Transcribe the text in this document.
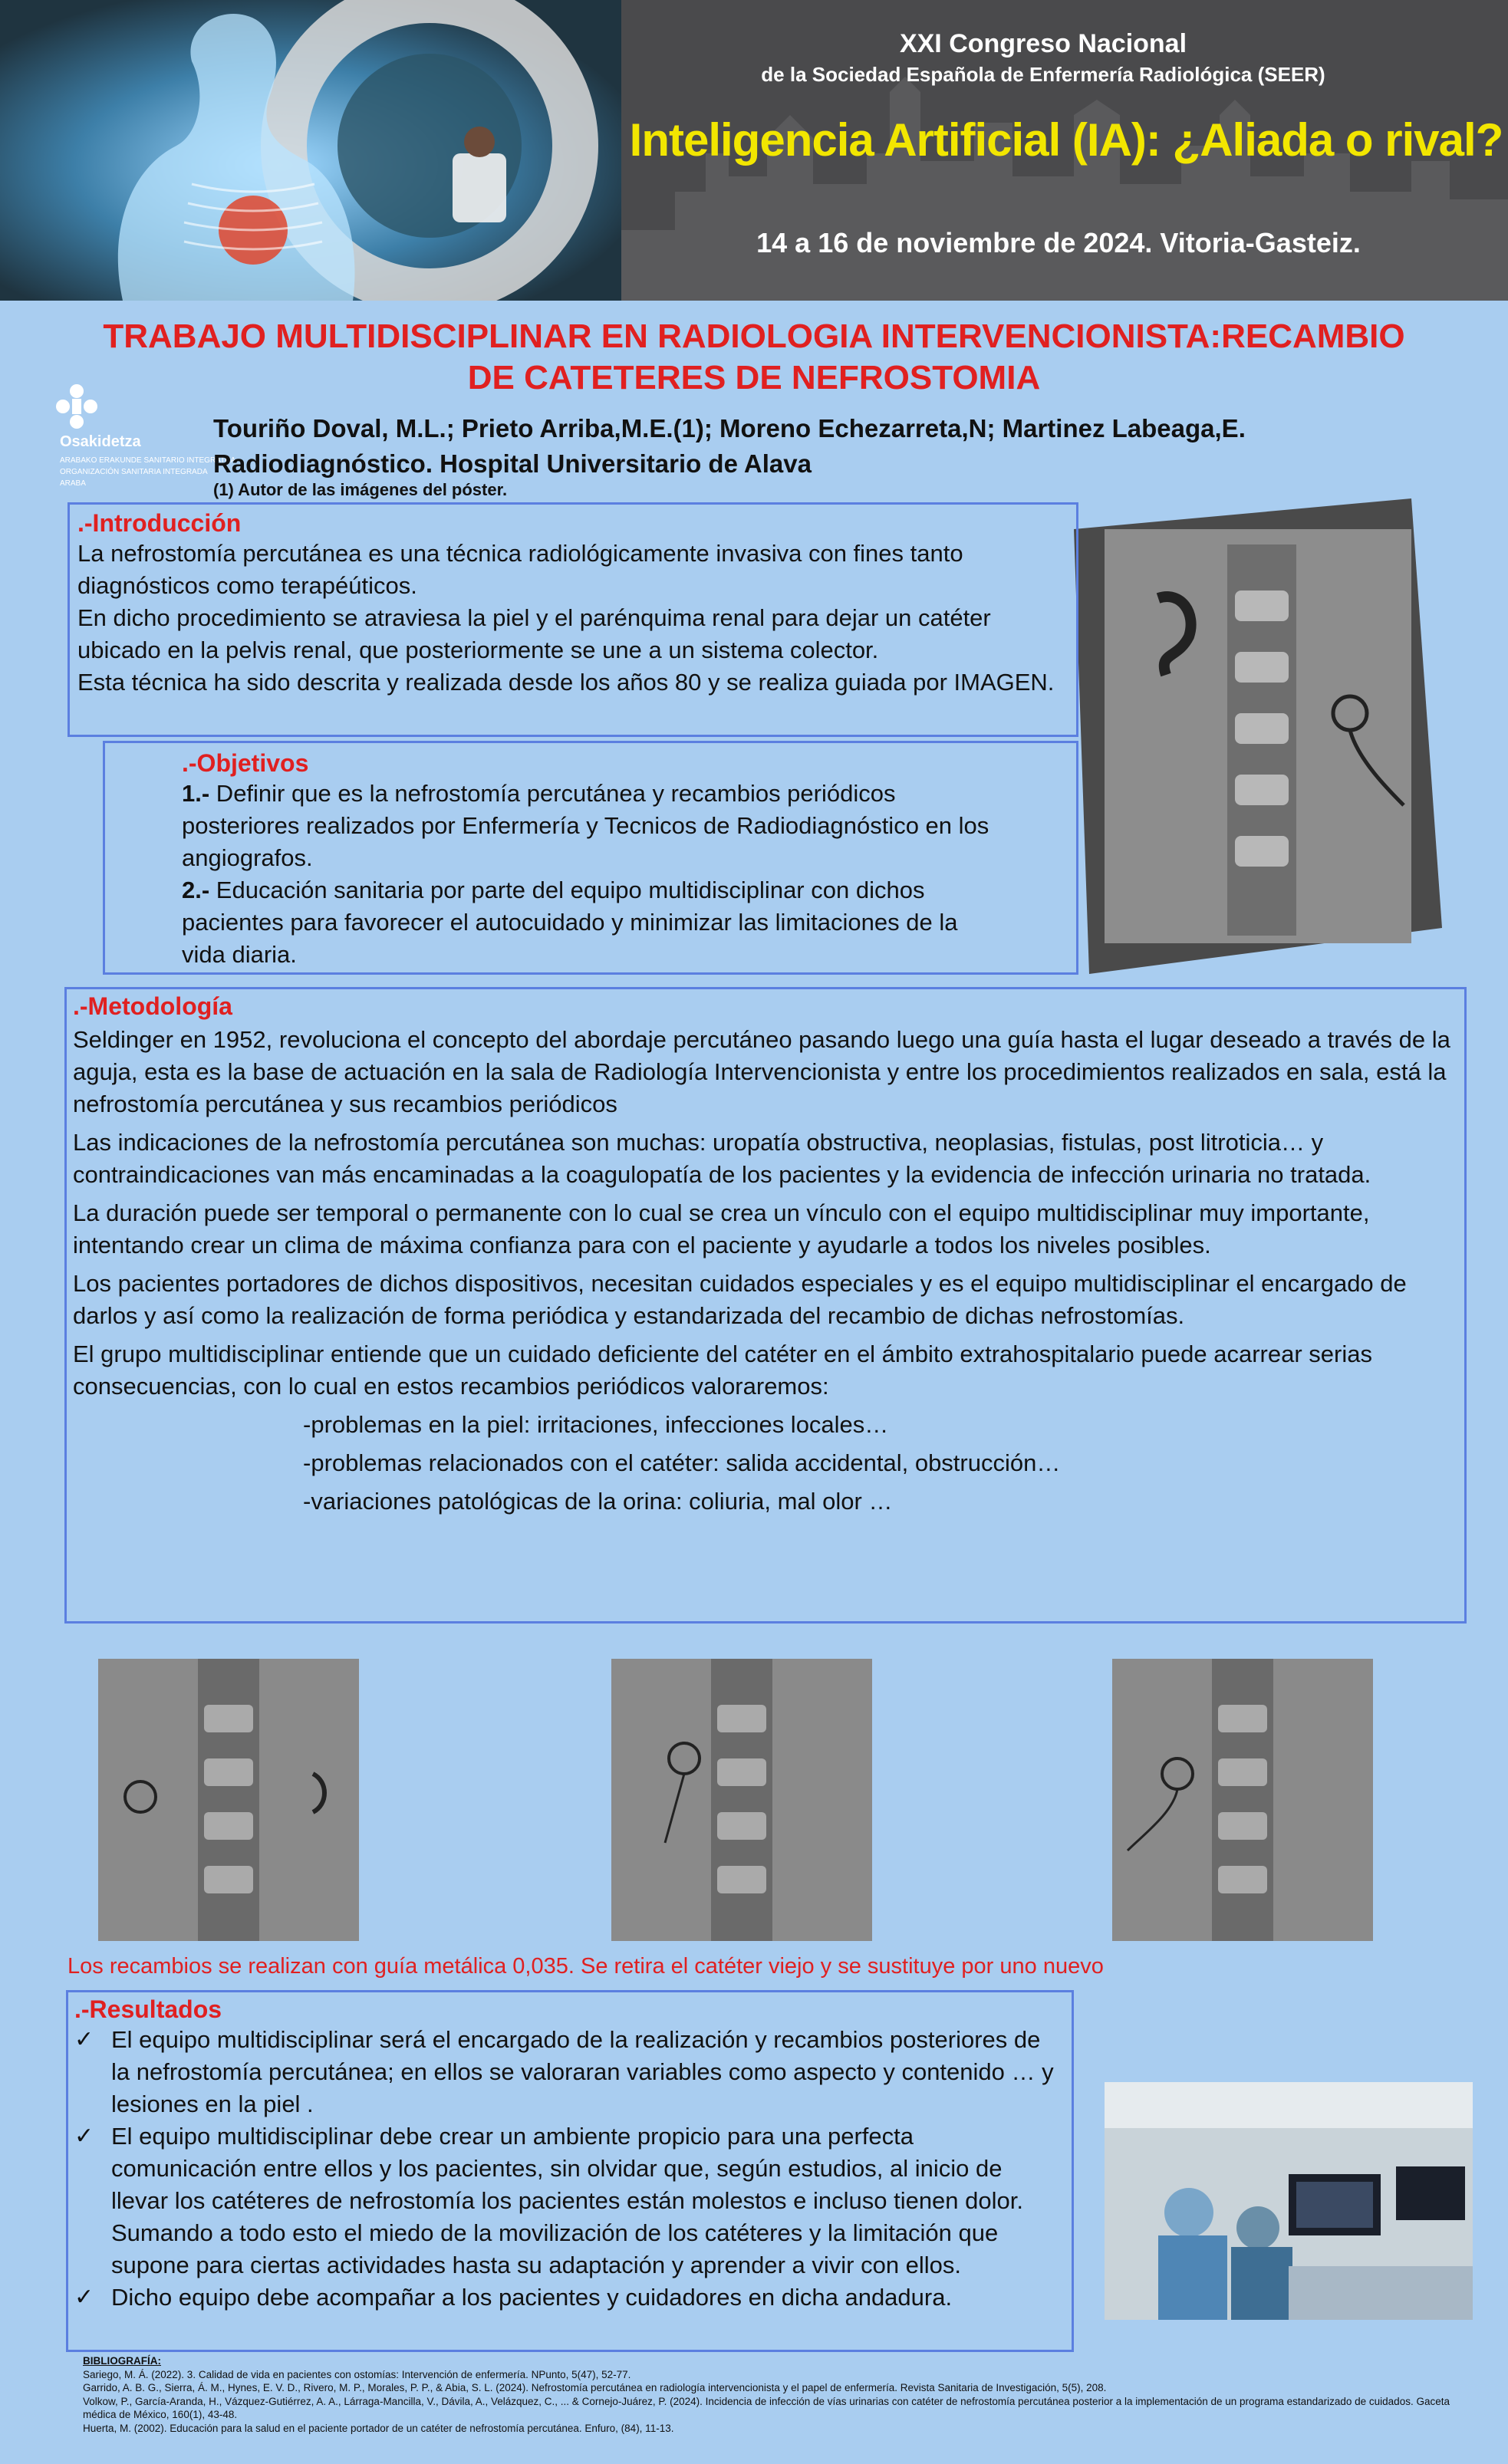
XXI Congreso Nacional
de la Sociedad Española de Enfermería Radiológica (SEER)
Inteligencia Artificial (IA): ¿Aliada o rival?
14 a 16 de noviembre de 2024. Vitoria-Gasteiz.
TRABAJO MULTIDISCIPLINAR EN RADIOLOGIA INTERVENCIONISTA:RECAMBIO
DE CATETERES DE NEFROSTOMIA
Osakidetza
ARABAKO ERAKUNDE SANITARIO INTEGRATUA
ORGANIZACIÓN SANITARIA INTEGRADA
ARABA
Touriño Doval, M.L.; Prieto Arriba,M.E.(1); Moreno Echezarreta,N; Martinez Labeaga,E.
Radiodiagnóstico. Hospital Universitario de Alava
(1) Autor de las imágenes del póster.
.-Introducción
La nefrostomía percutánea es una técnica radiológicamente invasiva con fines tanto diagnósticos como terapéúticos.
En dicho procedimiento se atraviesa la piel y el parénquima renal para dejar un catéter ubicado en la pelvis renal, que posteriormente se une a un sistema colector.
Esta técnica ha sido descrita y realizada desde los años 80 y se realiza guiada por IMAGEN.
.-Objetivos
1.- Definir que es la nefrostomía percutánea y recambios periódicos posteriores realizados por Enfermería y Tecnicos de Radiodiagnóstico en los angiografos.
2.- Educación sanitaria por parte del equipo multidisciplinar con dichos pacientes para favorecer el autocuidado y minimizar las limitaciones de la vida diaria.
.-Metodología

Seldinger en 1952, revoluciona el concepto del abordaje percutáneo pasando luego una guía hasta el lugar deseado a través de la aguja, esta es la base de actuación en la sala de Radiología Intervencionista y entre los procedimientos realizados en sala, está la nefrostomía percutánea y sus recambios periódicos

Las indicaciones de la nefrostomía percutánea son muchas: uropatía obstructiva, neoplasias, fistulas, post litroticia… y contraindicaciones van más encaminadas a la coagulopatía de los pacientes y la evidencia de infección urinaria no tratada.

La duración puede ser temporal o permanente con lo cual se crea un vínculo con el equipo multidisciplinar muy importante, intentando crear un clima de máxima confianza para con el paciente y ayudarle a todos los niveles posibles.

Los pacientes portadores de dichos dispositivos, necesitan cuidados especiales y es el equipo multidisciplinar el encargado de darlos y así como la realización de forma periódica y estandarizada del recambio de dichas nefrostomías.

El grupo multidisciplinar entiende que un cuidado deficiente del catéter en el ámbito extrahospitalario puede acarrear serias consecuencias, con lo cual en estos recambios periódicos valoraremos:

-problemas en la piel: irritaciones, infecciones locales…
-problemas relacionados con el catéter: salida accidental, obstrucción…
-variaciones patológicas de la orina: coliuria, mal olor …
Los recambios se realizan con guía metálica 0,035. Se retira el catéter viejo y se sustituye por uno nuevo
.-Resultados
✓ El equipo multidisciplinar será el encargado de la realización y recambios posteriores de la nefrostomía percutánea; en ellos se valoraran variables como aspecto y contenido … y lesiones en la piel .
✓ El equipo multidisciplinar debe crear un ambiente propicio para una perfecta comunicación entre ellos y los pacientes, sin olvidar que, según estudios, al inicio de llevar los catéteres de nefrostomía los pacientes están molestos e incluso tienen dolor. Sumando a todo esto el miedo de la movilización de los catéteres y la limitación que supone para ciertas actividades hasta su adaptación y aprender a vivir con ellos.
✓ Dicho equipo debe acompañar a los pacientes y cuidadores en dicha andadura.
BIBLIOGRAFÍA:
Sariego, M. Á. (2022). 3. Calidad de vida en pacientes con ostomías: Intervención de enfermería. NPunto, 5(47), 52-77.
Garrido, A. B. G., Sierra, Á. M., Hynes, E. V. D., Rivero, M. P., Morales, P. P., & Abia, S. L. (2024). Nefrostomía percutánea en radiología intervencionista y el papel de enfermería. Revista Sanitaria de Investigación, 5(5), 208.
Volkow, P., García-Aranda, H., Vázquez-Gutiérrez, A. A., Lárraga-Mancilla, V., Dávila, A., Velázquez, C., ... & Cornejo-Juárez, P. (2024). Incidencia de infección de vías urinarias con catéter de nefrostomía percutánea posterior a la implementación de un programa estandarizado de cuidados. Gaceta médica de México, 160(1), 43-48.
Huerta, M. (2002). Educación para la salud en el paciente portador de un catéter de nefrostomía percutánea. Enfuro, (84), 11-13.
